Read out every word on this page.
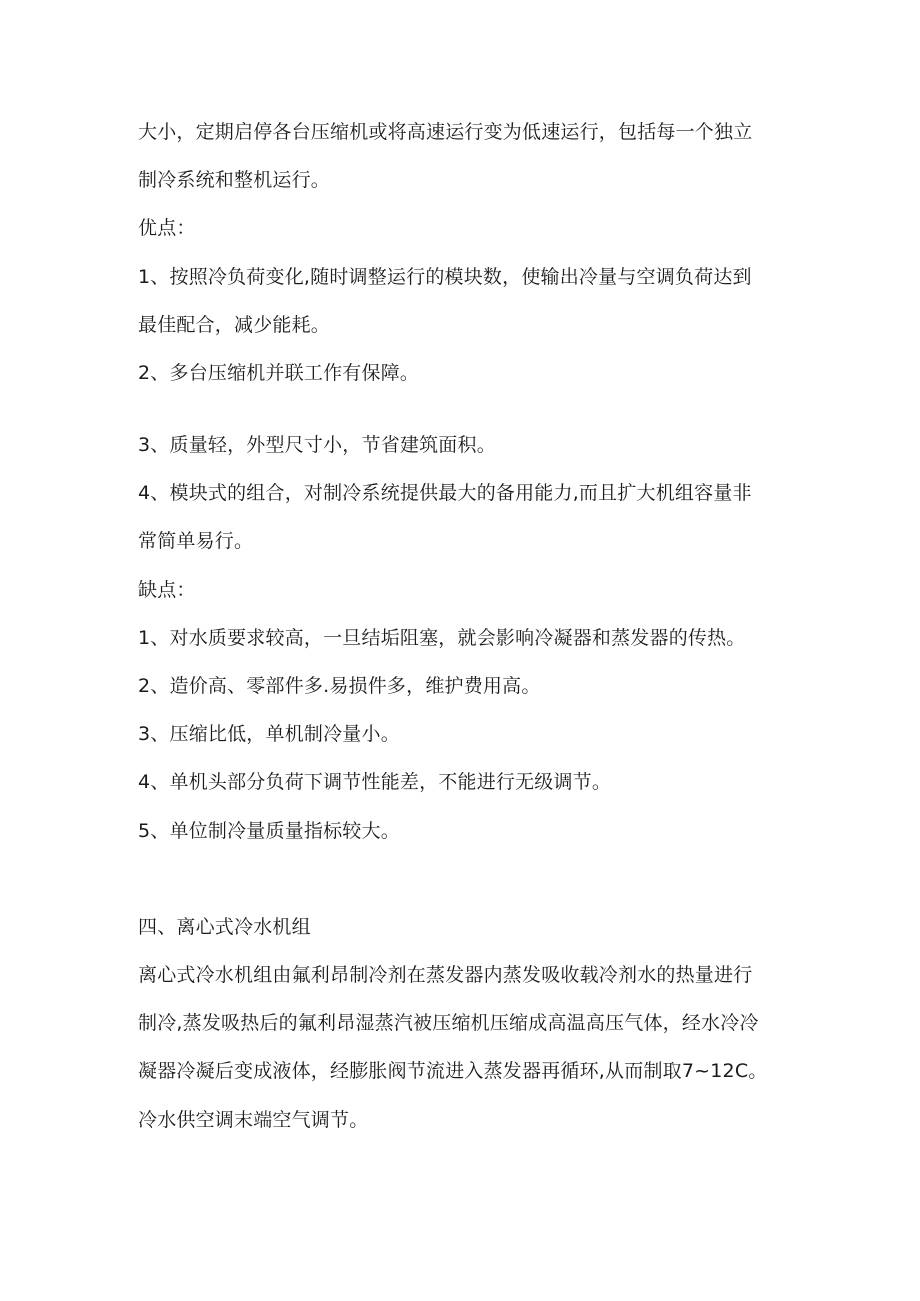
大小，定期启停各台压缩机或将高速运行变为低速运行，包括每一个独立
制冷系统和整机运行。
优点：
1、按照冷负荷变化,随时调整运行的模块数，使输出冷量与空调负荷达到
最佳配合，减少能耗。
2、多台压缩机并联工作有保障。
3、质量轻，外型尺寸小，节省建筑面积。
4、模块式的组合，对制冷系统提供最大的备用能力,而且扩大机组容量非
常简单易行。
缺点：
1、对水质要求较高，一旦结垢阻塞，就会影响冷凝器和蒸发器的传热。
2、造价高、零部件多.易损件多，维护费用高。
3、压缩比低，单机制冷量小。
4、单机头部分负荷下调节性能差，不能进行无级调节。
5、单位制冷量质量指标较大。
四、离心式冷水机组
离心式冷水机组由氟利昂制冷剂在蒸发器内蒸发吸收载冷剂水的热量进行
制冷,蒸发吸热后的氟利昂湿蒸汽被压缩机压缩成高温高压气体，经水冷冷
凝器冷凝后变成液体，经膨胀阀节流进入蒸发器再循环,从而制取7~12C。
冷水供空调末端空气调节。
